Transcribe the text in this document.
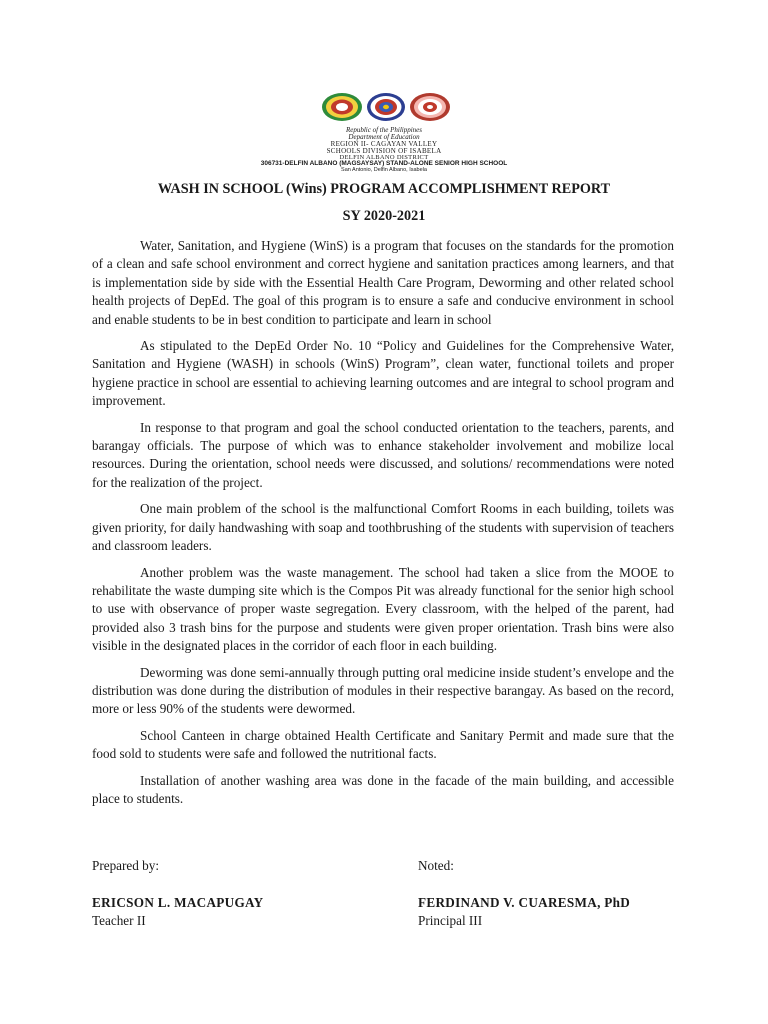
Republic of the Philippines
Department of Education
REGION II- CAGAYAN VALLEY
SCHOOLS DIVISION OF ISABELA
DELFIN ALBANO DISTRICT
306731-DELFIN ALBANO (MAGSAYSAY) STAND-ALONE SENIOR HIGH SCHOOL
San Antonio, Delfin Albano, Isabela
WASH IN SCHOOL (Wins) PROGRAM ACCOMPLISHMENT REPORT
SY 2020-2021

Water, Sanitation, and Hygiene (WinS) is a program that focuses on the standards for the promotion of a clean and safe school environment and correct hygiene and sanitation practices among learners, and that is implementation side by side with the Essential Health Care Program, Deworming and other related school health projects of DepEd. The goal of this program is to ensure a safe and conducive environment in school and enable students to be in best condition to participate and learn in school

As stipulated to the DepEd Order No. 10 “Policy and Guidelines for the Comprehensive Water, Sanitation and Hygiene (WASH) in schools (WinS) Program”, clean water, functional toilets and proper hygiene practice in school are essential to achieving learning outcomes and are integral to school program and improvement.

In response to that program and goal the school conducted orientation to the teachers, parents, and barangay officials. The purpose of which was to enhance stakeholder involvement and mobilize local resources. During the orientation, school needs were discussed, and solutions/ recommendations were noted for the realization of the project.

One main problem of the school is the malfunctional Comfort Rooms in each building, toilets was given priority, for daily handwashing with soap and toothbrushing of the students with supervision of teachers and classroom leaders.

Another problem was the waste management. The school had taken a slice from the MOOE to rehabilitate the waste dumping site which is the Compos Pit was already functional for the senior high school to use with observance of proper waste segregation. Every classroom, with the helped of the parent, had provided also 3 trash bins for the purpose and students were given proper orientation. Trash bins were also visible in the designated places in the corridor of each floor in each building.

Deworming was done semi-annually through putting oral medicine inside student’s envelope and the distribution was done during the distribution of modules in their respective barangay. As based on the record, more or less 90% of the students were dewormed.

School Canteen in charge obtained Health Certificate and Sanitary Permit and made sure that the food sold to students were safe and followed the nutritional facts.

Installation of another washing area was done in the facade of the main building, and accessible place to students.

Prepared by:	Noted:
ERICSON L. MACAPUGAY	FERDINAND V. CUARESMA, PhD
Teacher II	Principal III
